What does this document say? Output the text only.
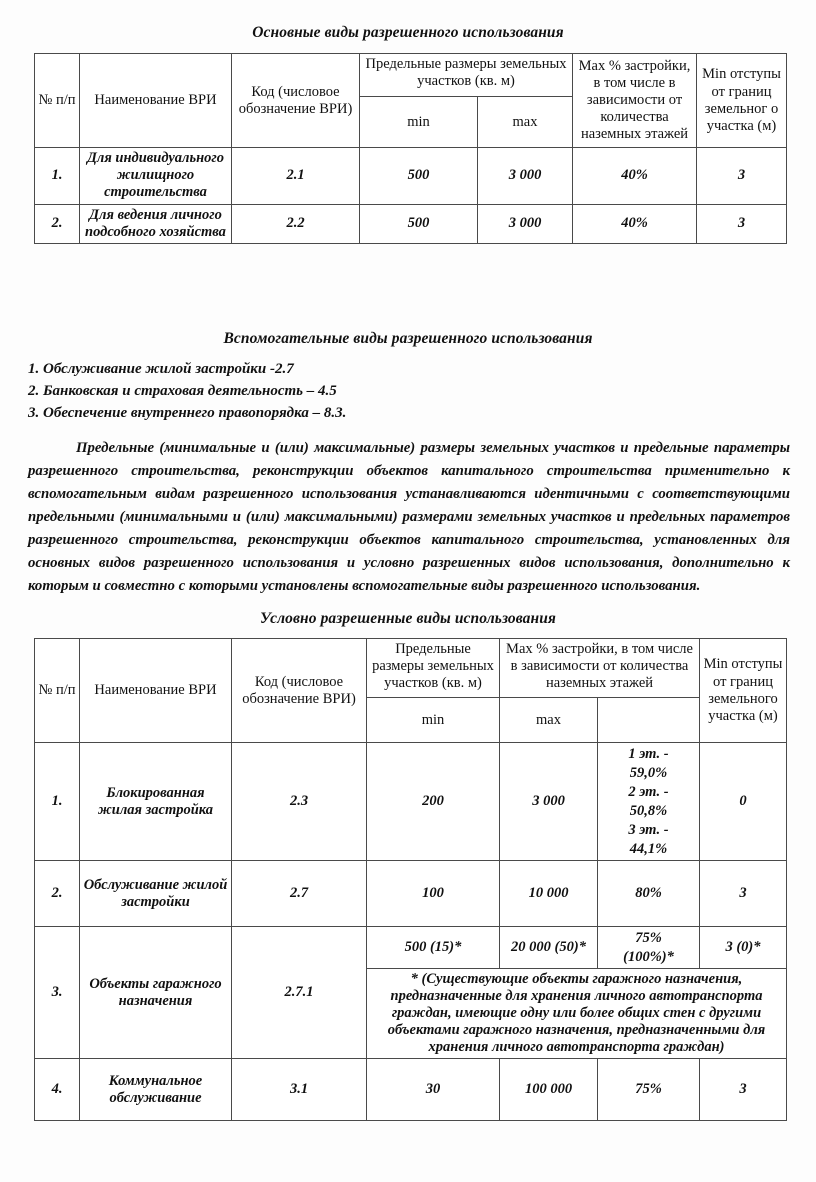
Основные виды разрешенного использования
№ п/п	Наименование ВРИ	Код (числовое обозначение ВРИ)	Предельные размеры земельных участков (кв. м)		Max % застройки, в том числе в зависимости от количества наземных этажей	Min отступы от границ земельног о участка (м)
			min	max		
1.	Для индивидуального жилищного строительства	2.1	500	3 000	40%	3
2.	Для ведения личного подсобного хозяйства	2.2	500	3 000	40%	3
Вспомогательные виды разрешенного использования
1. Обслуживание жилой застройки -2.7
2. Банковская и страховая деятельность – 4.5
3. Обеспечение внутреннего правопорядка – 8.3.
Предельные (минимальные и (или) максимальные) размеры земельных участков и предельные параметры разрешенного строительства, реконструкции объектов капитального строительства применительно к вспомогательным видам разрешенного использования устанавливаются идентичными с соответствующими предельными (минимальными и (или) максимальными) размерами земельных участков и предельных параметров разрешенного строительства, реконструкции объектов капитального строительства, установленных для основных видов разрешенного использования и условно разрешенных видов использования, дополнительно к которым и совместно с которыми установлены вспомогательные виды разрешенного использования.
Условно разрешенные виды использования
№ п/п	Наименование ВРИ	Код (числовое обозначение ВРИ)	Предельные размеры земельных участков (кв. м)	Max % застройки, в том числе в зависимости от количества наземных этажей		Min отступы от границ земельного участка (м)
			min	max		
1.	Блокированная жилая застройка	2.3	200	3 000	1 эт. -
59,0%
2 эт. -
50,8%
3 эт. -
44,1%	0
2.	Обслуживание жилой застройки	2.7	100	10 000	80%	3
3.	Объекты гаражного назначения	2.7.1	500 (15)*	20 000 (50)*	75%
(100%)*	3 (0)*
			* (Существующие объекты гаражного назначения, предназначенные для хранения личного автотранспорта граждан, имеющие одну или более общих стен с другими объектами гаражного назначения, предназначенными для хранения личного автотранспорта граждан)			
4.	Коммунальное обслуживание	3.1	30	100 000	75%	3
